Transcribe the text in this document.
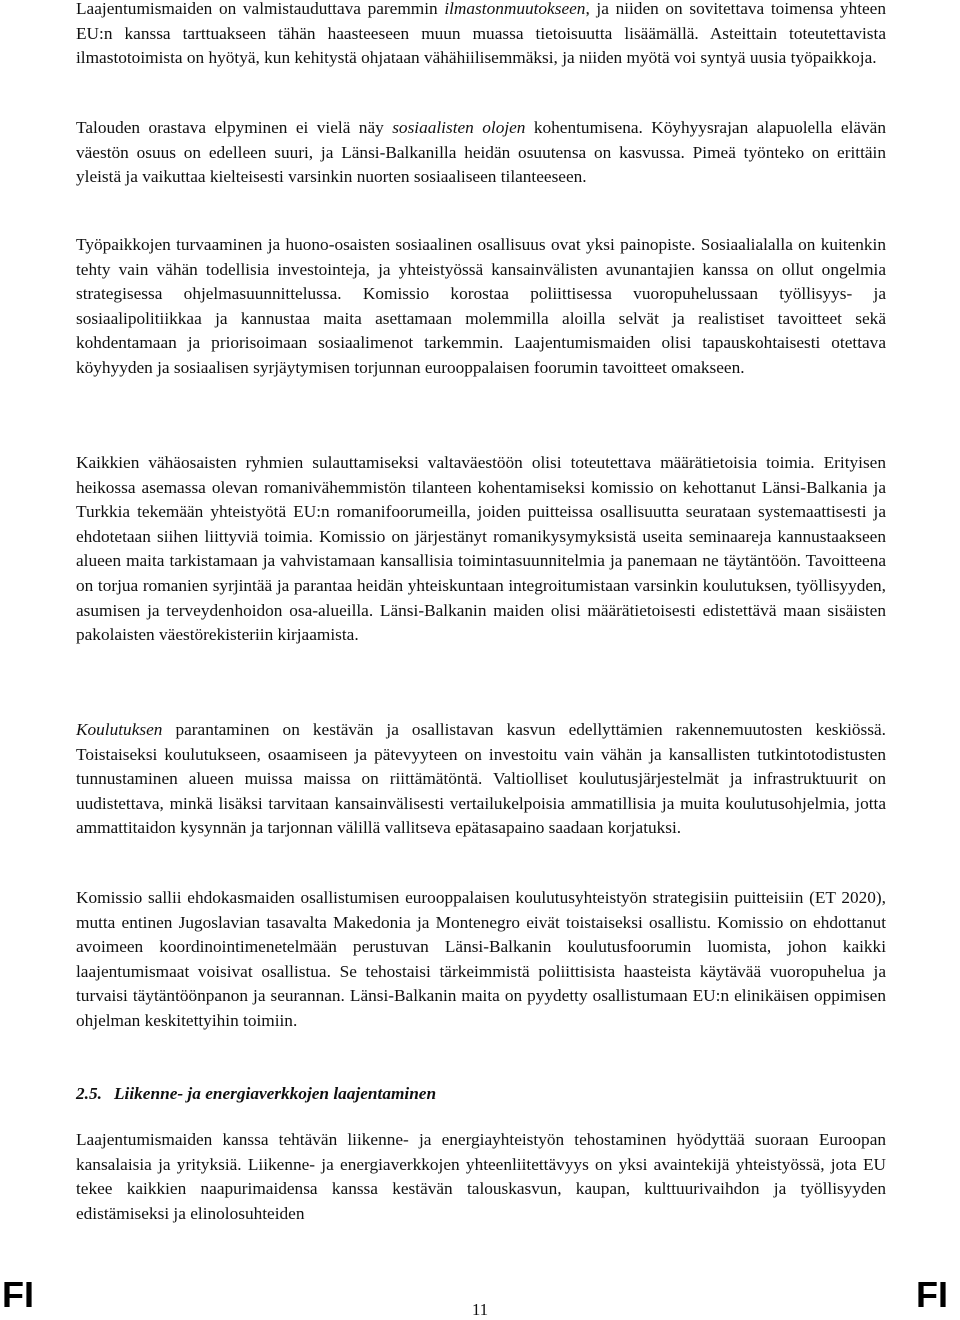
Laajentumismaiden on valmistauduttava paremmin ilmastonmuutokseen, ja niiden on sovitettava toimensa yhteen EU:n kanssa tarttuakseen tähän haasteeseen muun muassa tietoisuutta lisäämällä. Asteittain toteutettavista ilmastotoimista on hyötyä, kun kehitystä ohjataan vähähiilisemmäksi, ja niiden myötä voi syntyä uusia työpaikkoja.

Talouden orastava elpyminen ei vielä näy sosiaalisten olojen kohentumisena. Köyhyysrajan alapuolella elävän väestön osuus on edelleen suuri, ja Länsi-Balkanilla heidän osuutensa on kasvussa. Pimeä työnteko on erittäin yleistä ja vaikuttaa kielteisesti varsinkin nuorten sosiaaliseen tilanteeseen.

Työpaikkojen turvaaminen ja huono-osaisten sosiaalinen osallisuus ovat yksi painopiste. Sosiaalialalla on kuitenkin tehty vain vähän todellisia investointeja, ja yhteistyössä kansainvälisten avunantajien kanssa on ollut ongelmia strategisessa ohjelmasuunnittelussa. Komissio korostaa poliittisessa vuoropuhelussaan työllisyys- ja sosiaalipolitiikkaa ja kannustaa maita asettamaan molemmilla aloilla selvät ja realistiset tavoitteet sekä kohdentamaan ja priorisoimaan sosiaalimenot tarkemmin. Laajentumismaiden olisi tapauskohtaisesti otettava köyhyyden ja sosiaalisen syrjäytymisen torjunnan eurooppalaisen foorumin tavoitteet omakseen.

Kaikkien vähäosaisten ryhmien sulauttamiseksi valtaväestöön olisi toteutettava määrätietoisia toimia. Erityisen heikossa asemassa olevan romanivähemmistön tilanteen kohentamiseksi komissio on kehottanut Länsi-Balkania ja Turkkia tekemään yhteistyötä EU:n romanifoorumeilla, joiden puitteissa osallisuutta seurataan systemaattisesti ja ehdotetaan siihen liittyviä toimia. Komissio on järjestänyt romanikysymyksistä useita seminaareja kannustaakseen alueen maita tarkistamaan ja vahvistamaan kansallisia toimintasuunnitelmia ja panemaan ne täytäntöön. Tavoitteena on torjua romanien syrjintää ja parantaa heidän yhteiskuntaan integroitumistaan varsinkin koulutuksen, työllisyyden, asumisen ja terveydenhoidon osa-alueilla. Länsi-Balkanin maiden olisi määrätietoisesti edistettävä maan sisäisten pakolaisten väestörekisteriin kirjaamista.

Koulutuksen parantaminen on kestävän ja osallistavan kasvun edellyttämien rakennemuutosten keskiössä. Toistaiseksi koulutukseen, osaamiseen ja pätevyyteen on investoitu vain vähän ja kansallisten tutkintotodistusten tunnustaminen alueen muissa maissa on riittämätöntä. Valtiolliset koulutusjärjestelmät ja infrastruktuurit on uudistettava, minkä lisäksi tarvitaan kansainvälisesti vertailukelpoisia ammatillisia ja muita koulutusohjelmia, jotta ammattitaidon kysynnän ja tarjonnan välillä vallitseva epätasapaino saadaan korjatuksi.

Komissio sallii ehdokasmaiden osallistumisen eurooppalaisen koulutusyhteistyön strategisiin puitteisiin (ET 2020), mutta entinen Jugoslavian tasavalta Makedonia ja Montenegro eivät toistaiseksi osallistu. Komissio on ehdottanut avoimeen koordinointimenetelmään perustuvan Länsi-Balkanin koulutusfoorumin luomista, johon kaikki laajentumismaat voisivat osallistua. Se tehostaisi tärkeimmistä poliittisista haasteista käytävää vuoropuhelua ja turvaisi täytäntöönpanon ja seurannan. Länsi-Balkanin maita on pyydetty osallistumaan EU:n elinikäisen oppimisen ohjelman keskitettyihin toimiin.

2.5. Liikenne- ja energiaverkkojen laajentaminen

Laajentumismaiden kanssa tehtävän liikenne- ja energiayhteistyön tehostaminen hyödyttää suoraan Euroopan kansalaisia ja yrityksiä. Liikenne- ja energiaverkkojen yhteenliitettävyys on yksi avaintekijä yhteistyössä, jota EU tekee kaikkien naapurimaidensa kanssa kestävän talouskasvun, kaupan, kulttuurivaihdon ja työllisyyden edistämiseksi ja elinolosuhteiden

FI	11	FI
